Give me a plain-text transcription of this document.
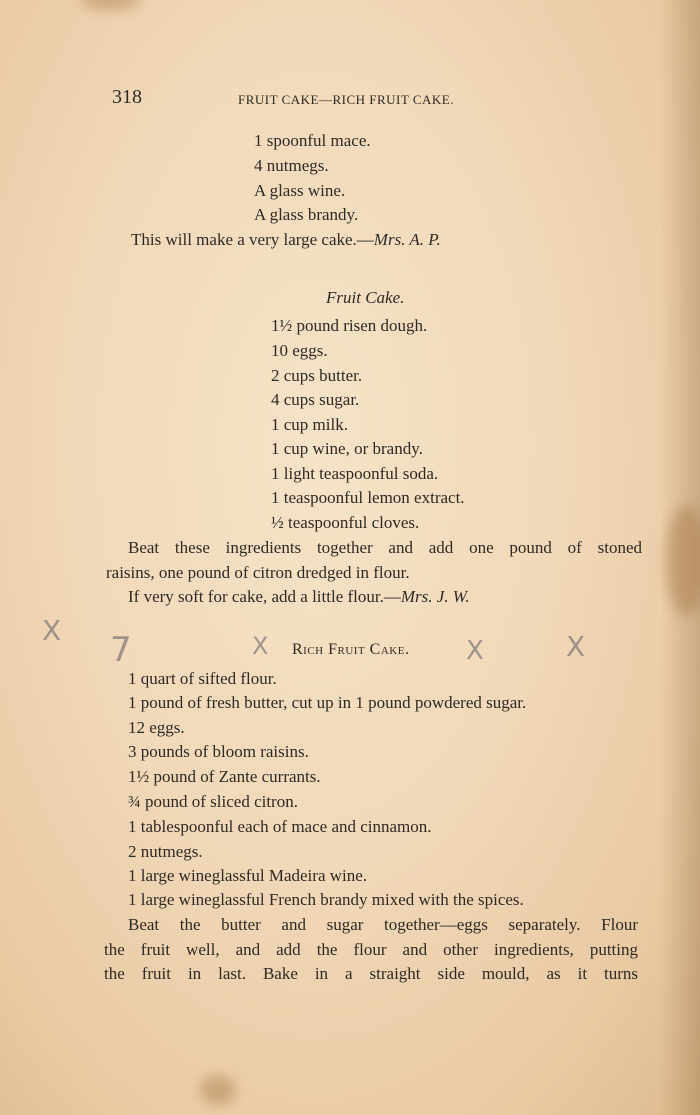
318	FRUIT CAKE—RICH FRUIT CAKE.
1 spoonful mace.
4 nutmegs.
A glass wine.
A glass brandy.
This will make a very large cake.—Mrs. A. P.
Fruit Cake.
1½ pound risen dough.
10 eggs.
2 cups butter.
4 cups sugar.
1 cup milk.
1 cup wine, or brandy.
1 light teaspoonful soda.
1 teaspoonful lemon extract.
½ teaspoonful cloves.
Beat these ingredients together and add one pound of stoned
raisins, one pound of citron dredged in flour.
If very soft for cake, add a little flour.—Mrs. J. W.
Rich Fruit Cake.
1 quart of sifted flour.
1 pound of fresh butter, cut up in 1 pound powdered sugar.
12 eggs.
3 pounds of bloom raisins.
1½ pound of Zante currants.
¾ pound of sliced citron.
1 tablespoonful each of mace and cinnamon.
2 nutmegs.
1 large wineglassful Madeira wine.
1 large wineglassful French brandy mixed with the spices.
Beat the butter and sugar together—eggs separately. Flour
the fruit well, and add the flour and other ingredients, putting
the fruit in last. Bake in a straight side mould, as it turns
X 7	X	X	X
